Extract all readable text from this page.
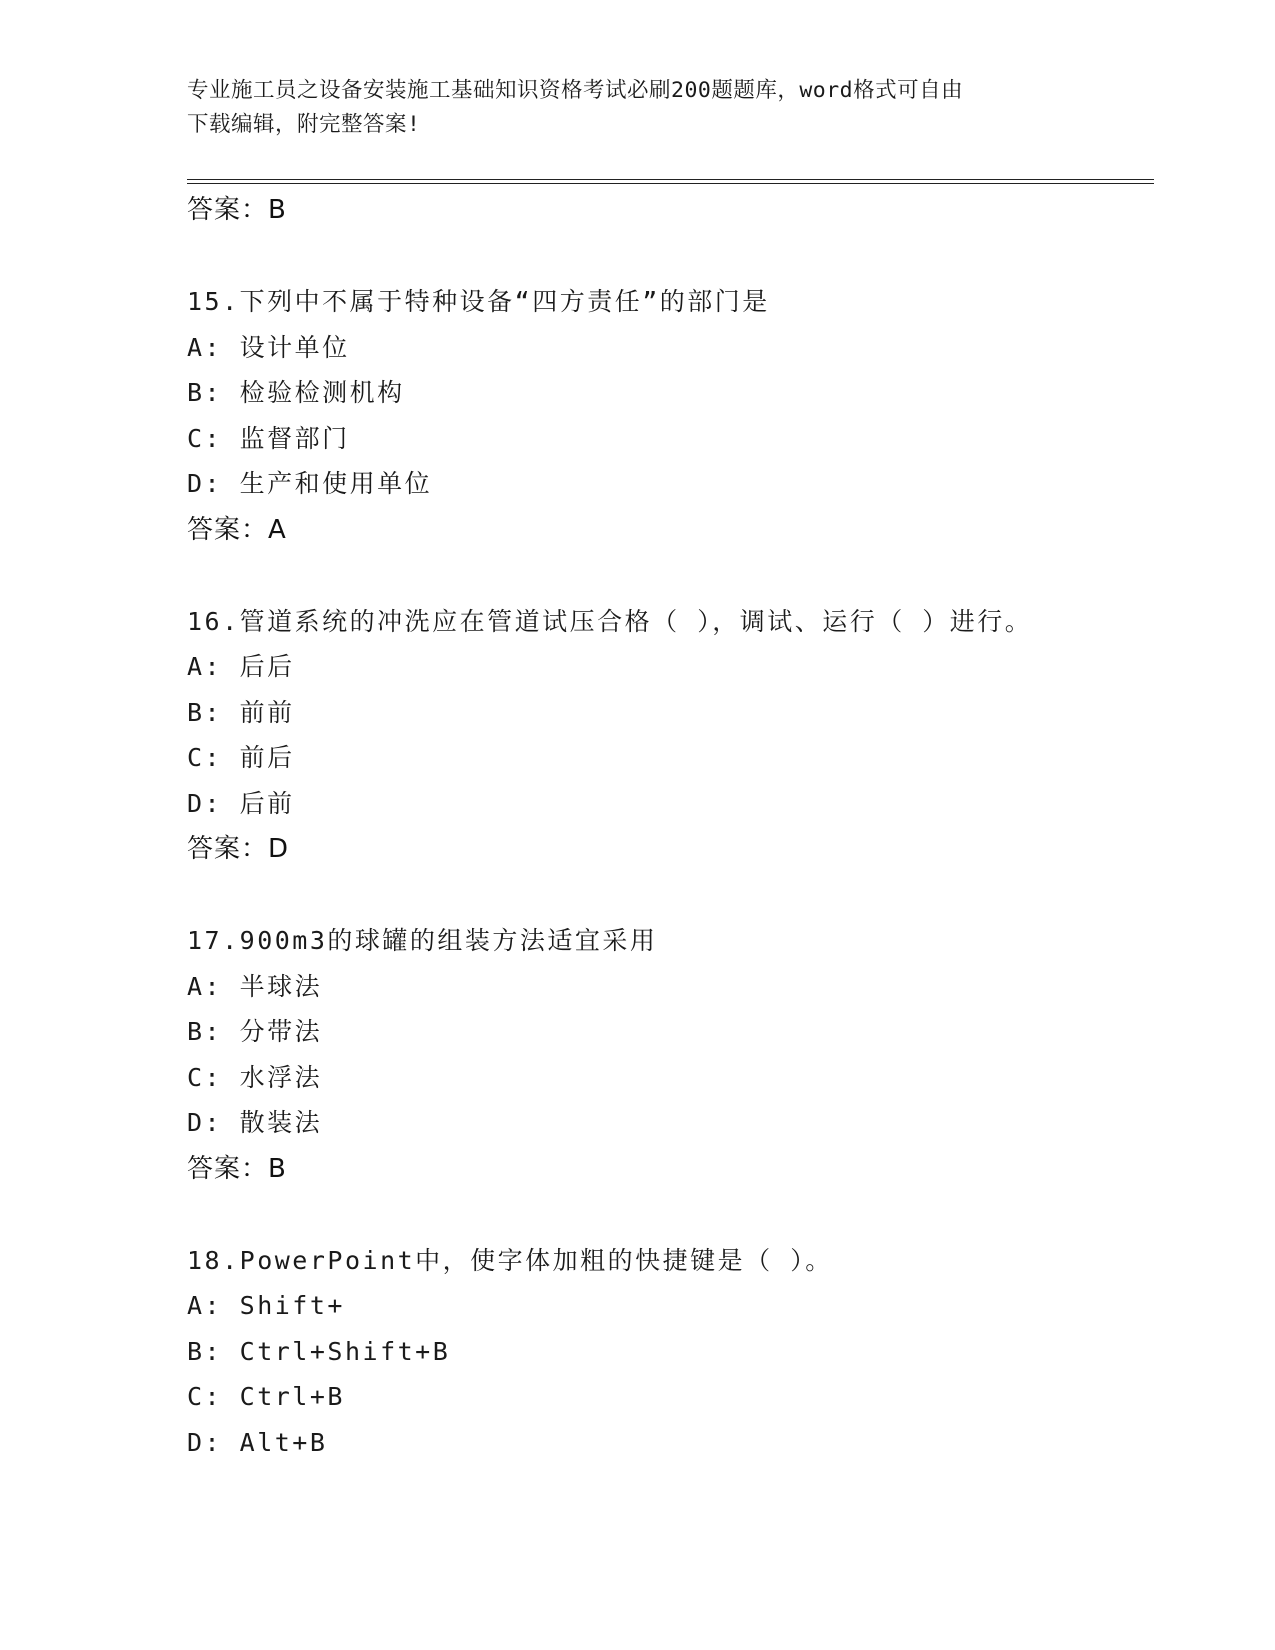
专业施工员之设备安装施工基础知识资格考试必刷200题题库，word格式可自由
下载编辑，附完整答案!
答案：B
15.下列中不属于特种设备“四方责任”的部门是
A: 设计单位
B: 检验检测机构
C: 监督部门
D: 生产和使用单位
答案：A
16.管道系统的冲洗应在管道试压合格（ ），调试、运行（ ）进行。
A: 后后
B: 前前
C: 前后
D: 后前
答案：D
17.900m3的球罐的组装方法适宜采用
A: 半球法
B: 分带法
C: 水浮法
D: 散装法
答案：B
18.PowerPoint中，使字体加粗的快捷键是（ ）。
A: Shift+
B: Ctrl+Shift+B
C: Ctrl+B
D: Alt+B
